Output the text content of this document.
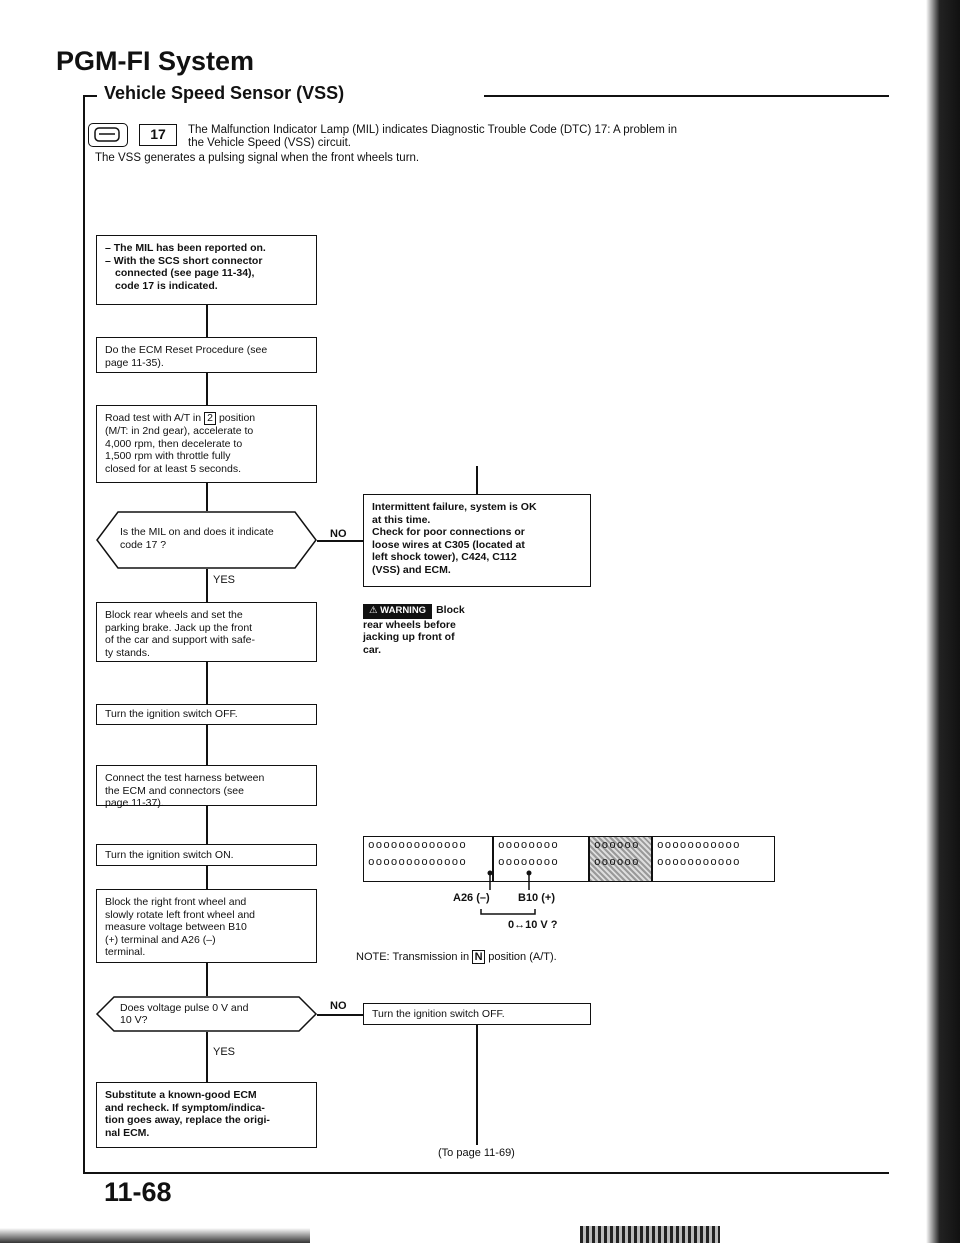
PGM-FI System
Vehicle Speed Sensor (VSS)
17	The Malfunction Indicator Lamp (MIL) indicates Diagnostic Trouble Code (DTC) 17: A problem in
the Vehicle Speed (VSS) circuit.
The VSS generates a pulsing signal when the front wheels turn.
– The MIL has been reported on.
– With the SCS short connector
connected (see page 11-34),
code 17 is indicated.
Do the ECM Reset Procedure (see
page 11-35).
Road test with A/T in 2 position
(M/T: in 2nd gear), accelerate to
4,000 rpm, then decelerate to
1,500 rpm with throttle fully
closed for at least 5 seconds.
Is the MIL on and does it indicate
code 17 ?
NO
YES
Intermittent failure, system is OK
at this time.
Check for poor connections or
loose wires at C305 (located at
left shock tower), C424, C112
(VSS) and ECM.
Block rear wheels and set the
parking brake. Jack up the front
of the car and support with safe-
ty stands.
⚠ WARNING Block
rear wheels before
jacking up front of
car.
Turn the ignition switch OFF.
Connect the test harness between
the ECM and connectors (see
page 11-37).
Turn the ignition switch ON.
Block the right front wheel and
slowly rotate left front wheel and
measure voltage between B10
(+) terminal and A26 (–)
terminal.
Does voltage pulse 0 V and
10 V?
NO
YES
Substitute a known-good ECM
and recheck. If symptom/indica-
tion goes away, replace the origi-
nal ECM.
Turn the ignition switch OFF.
(To page 11-69)
ooooooooooooo
ooooooooooooo
oooooooo
oooooooo
oooooo
oooooo
ooooooooooo
ooooooooooo
A26 (–)	B10 (+)
0↔10 V ?
NOTE: Transmission in N position (A/T).
11-68
